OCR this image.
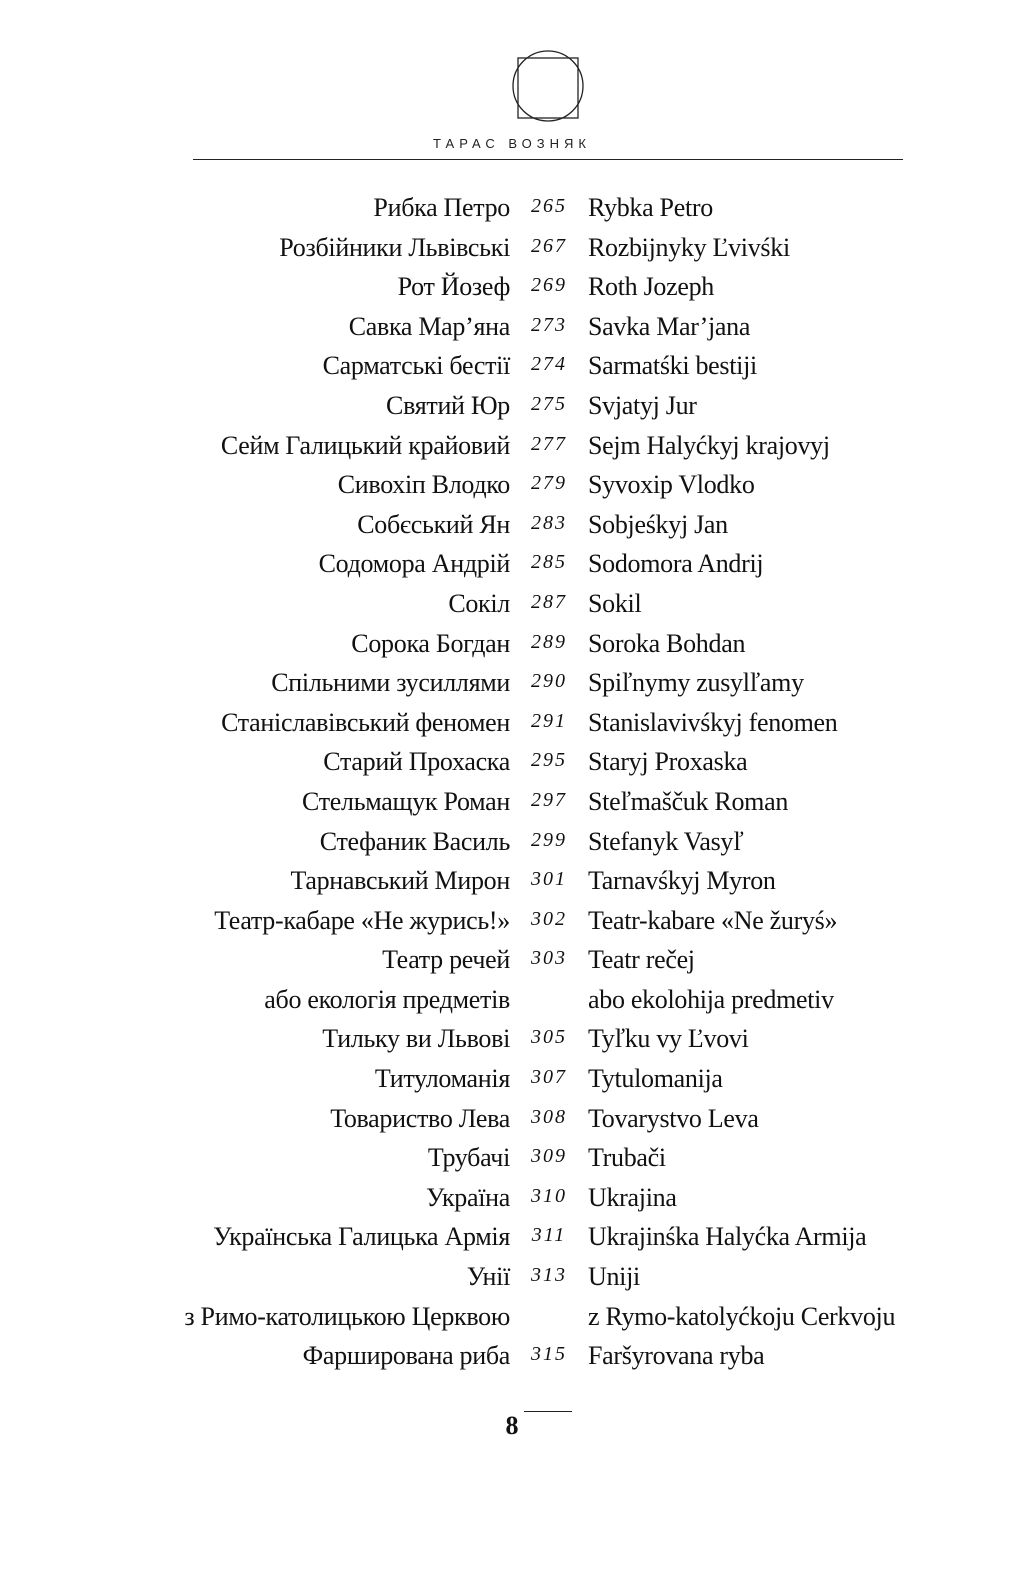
ТАРАС ВОЗНЯК
Рибка Петро	265 Rybka Petro
Розбійники Львівські	267 Rozbijnyky Ľvivśki
Рот Йозеф	269 Roth Jozeph
Савка Мар’яна	273 Savka Mar’jana
Сарматські бестії	274 Sarmatśki bestiji
Святий Юр	275 Svjatyj Jur
Сейм Галицький крайовий	277 Sejm Halyćkyj krajovyj
Сивохіп Влодко	279 Syvoxip Vlodko
Собєський Ян	283 Sobjeśkyj Jan
Содомора Андрій	285 Sodomora Andrij
Сокіл	287 Sokil
Сорока Богдан	289 Soroka Bohdan
Спільними зусиллями	290 Spiľnymy zusylľamy
Станіславівський феномен	291 Stanislavivśkyj fenomen
Старий Прохаска	295 Staryj Proxaska
Стельмащук Роман	297 Steľmaščuk Roman
Стефаник Василь	299 Stefanyk Vasyľ
Тарнавський Мирон	301 Tarnavśkyj Myron
Театр-кабаре «Не журись!»	302 Teatr-kabare «Ne žuryś»
Театр речей	303 Teatr rečej
або екологія предметів	abo ekolohija predmetiv
Тильку ви Львові	305 Tyľku vy Ľvovi
Титуломанія	307 Tytulomanija
Товариство Лева	308 Tovarystvo Leva
Трубачі	309 Trubači
Україна	310 Ukrajina
Українська Галицька Армія	311 Ukrajinśka Halyćka Armija
Унії	313 Uniji
з Римо-католицькою Церквою	z Rymo-katolyćkoju Cerkvoju
Фарширована риба	315 Faršyrovana ryba
8
